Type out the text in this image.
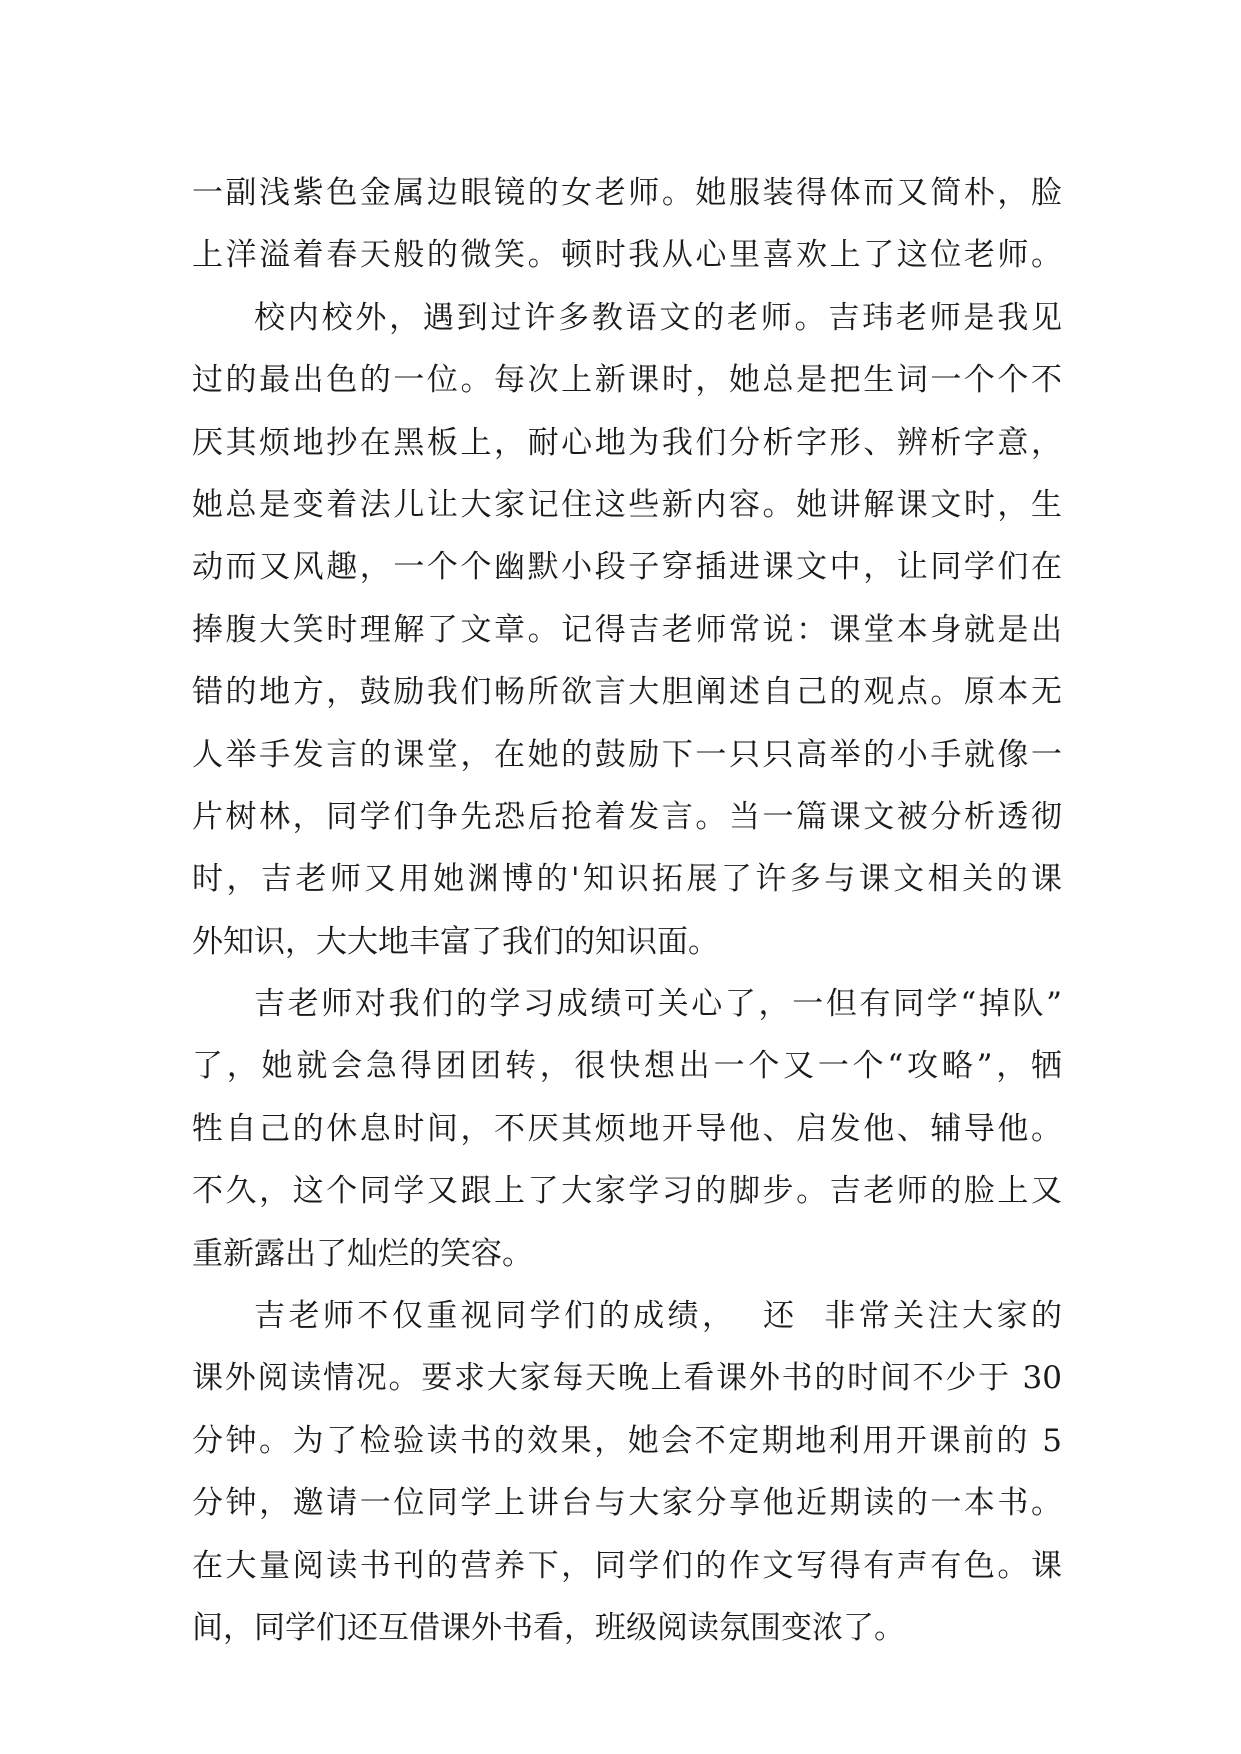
一副浅紫色金属边眼镜的女老师。她服装得体而又简朴，脸
上洋溢着春天般的微笑。顿时我从心里喜欢上了这位老师。
校内校外，遇到过许多教语文的老师。吉玮老师是我见
过的最出色的一位。每次上新课时，她总是把生词一个个不
厌其烦地抄在黑板上，耐心地为我们分析字形、辨析字意，
她总是变着法儿让大家记住这些新内容。她讲解课文时，生
动而又风趣，一个个幽默小段子穿插进课文中，让同学们在
捧腹大笑时理解了文章。记得吉老师常说：课堂本身就是出
错的地方，鼓励我们畅所欲言大胆阐述自己的观点。原本无
人举手发言的课堂，在她的鼓励下一只只高举的小手就像一
片树林，同学们争先恐后抢着发言。当一篇课文被分析透彻
时，吉老师又用她渊博的'知识拓展了许多与课文相关的课
外知识，大大地丰富了我们的知识面。
吉老师对我们的学习成绩可关心了，一但有同学“掉队”
了，她就会急得团团转，很快想出一个又一个“攻略”，牺
牲自己的休息时间，不厌其烦地开导他、启发他、辅导他。
不久，这个同学又跟上了大家学习的脚步。吉老师的脸上又
重新露出了灿烂的笑容。
吉老师不仅重视同学们的成绩，  还  非常关注大家的
课外阅读情况。要求大家每天晚上看课外书的时间不少于 30
分钟。为了检验读书的效果，她会不定期地利用开课前的 5
分钟，邀请一位同学上讲台与大家分享他近期读的一本书。
在大量阅读书刊的营养下，同学们的作文写得有声有色。课
间，同学们还互借课外书看，班级阅读氛围变浓了。
